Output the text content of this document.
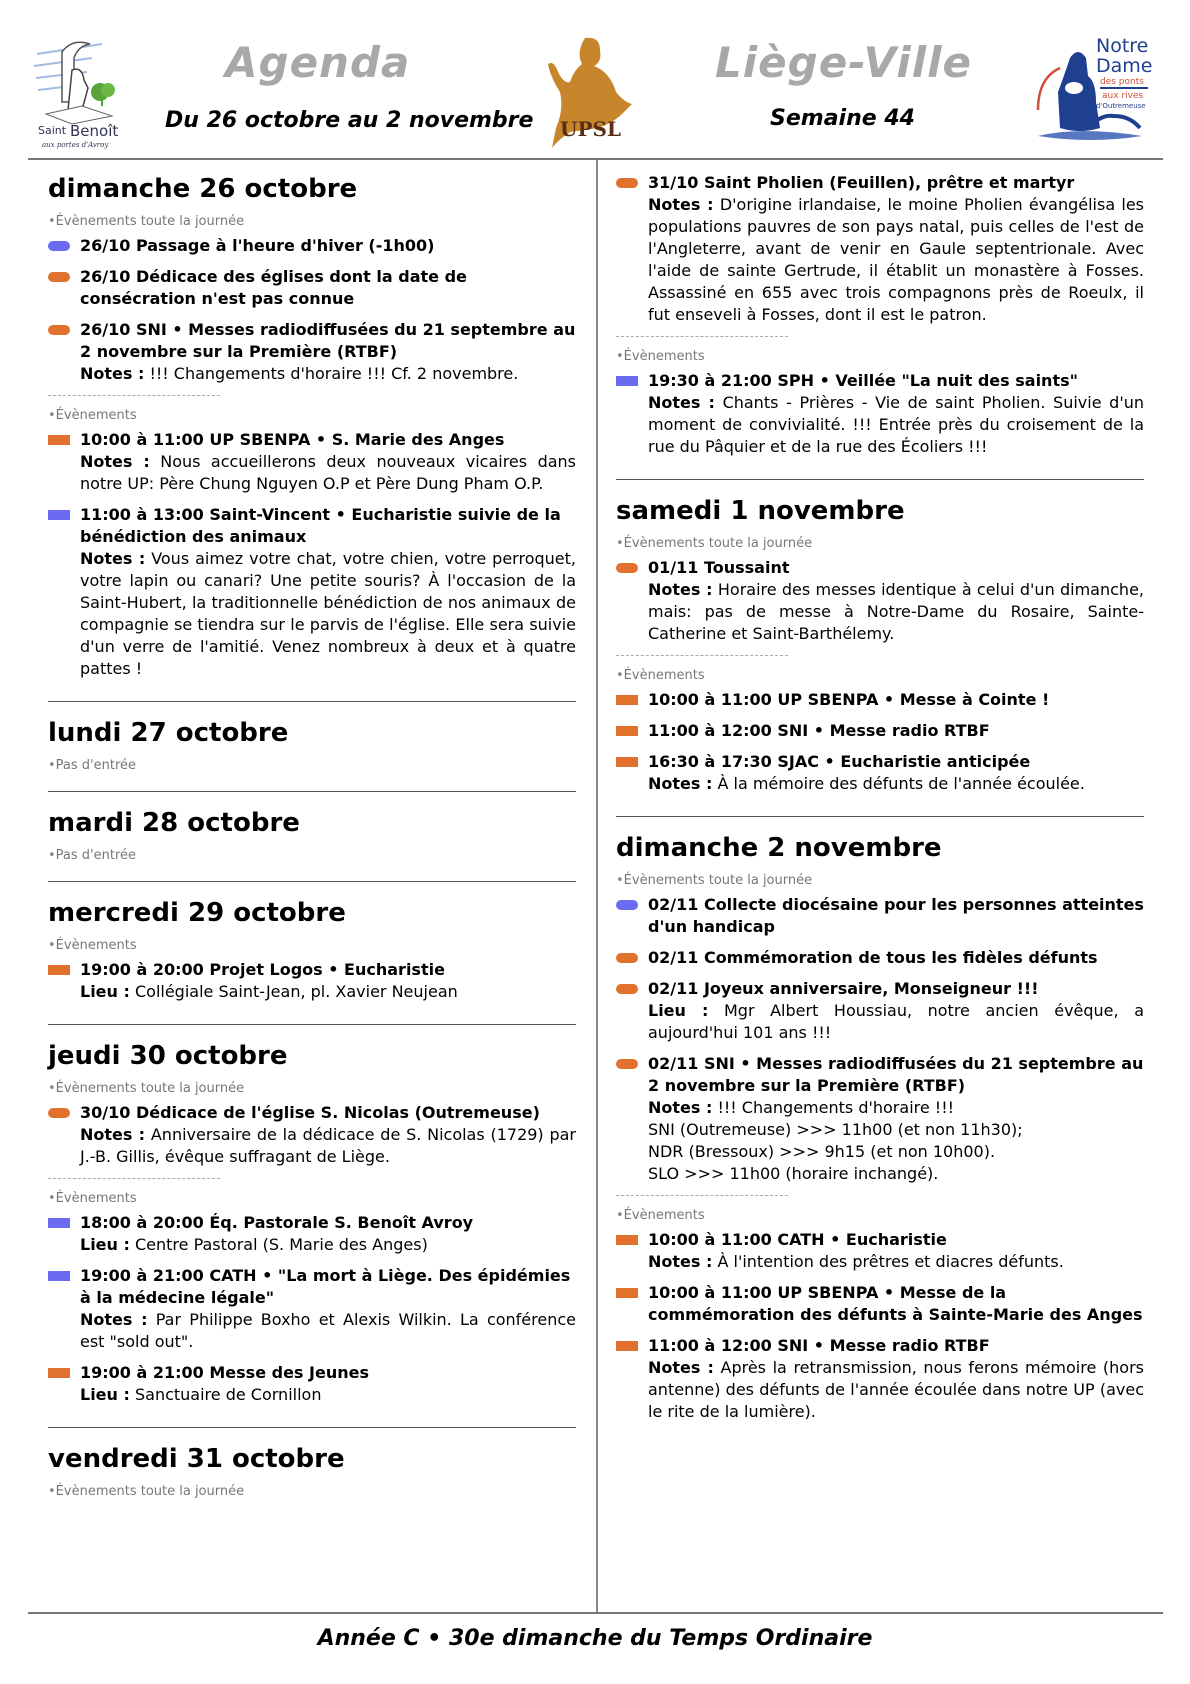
Saint Benoît
aux portes d'Avroy
Agenda
Du 26 octobre au 2 novembre UPSL
Liège-Ville
Semaine 44
Notre
Dame
des ponts
aux rives
d'Outremeuse
dimanche 26 octobre
• Évènements toute la journée
26/10 Passage à l'heure d'hiver (-1h00)
26/10 Dédicace des églises dont la date de consécration n'est pas connue
26/10 SNI • Messes radiodiffusées du 21 septembre au 2 novembre sur la Première (RTBF)
Notes : !!! Changements d'horaire !!! Cf. 2 novembre.
• Évènements
10:00 à 11:00 UP SBENPA • S. Marie des Anges
Notes : Nous accueillerons deux nouveaux vicaires dans notre UP: Père Chung Nguyen O.P et Père Dung Pham O.P.
11:00 à 13:00 Saint-Vincent • Eucharistie suivie de la bénédiction des animaux
Notes : Vous aimez votre chat, votre chien, votre perroquet, votre lapin ou canari? Une petite souris? À l'occasion de la Saint-Hubert, la traditionnelle bénédiction de nos animaux de compagnie se tiendra sur le parvis de l'église. Elle sera suivie d'un verre de l'amitié. Venez nombreux à deux et à quatre pattes !
lundi 27 octobre
• Pas d'entrée
mardi 28 octobre
• Pas d'entrée
mercredi 29 octobre
• Évènements
19:00 à 20:00 Projet Logos • Eucharistie
Lieu : Collégiale Saint-Jean, pl. Xavier Neujean
jeudi 30 octobre
• Évènements toute la journée
30/10 Dédicace de l'église S. Nicolas (Outremeuse)
Notes : Anniversaire de la dédicace de S. Nicolas (1729) par J.-B. Gillis, évêque suffragant de Liège.
• Évènements
18:00 à 20:00 Éq. Pastorale S. Benoît Avroy
Lieu : Centre Pastoral (S. Marie des Anges)
19:00 à 21:00 CATH • "La mort à Liège. Des épidémies à la médecine légale"
Notes : Par Philippe Boxho et Alexis Wilkin. La conférence est "sold out".
19:00 à 21:00 Messe des Jeunes
Lieu : Sanctuaire de Cornillon
vendredi 31 octobre
• Évènements toute la journée
31/10 Saint Pholien (Feuillen), prêtre et martyr
Notes : D'origine irlandaise, le moine Pholien évangélisa les populations pauvres de son pays natal, puis celles de l'est de l'Angleterre, avant de venir en Gaule septentrionale. Avec l'aide de sainte Gertrude, il établit un monastère à Fosses. Assassiné en 655 avec trois compagnons près de Roeulx, il fut enseveli à Fosses, dont il est le patron.
• Évènements
19:30 à 21:00 SPH • Veillée "La nuit des saints"
Notes : Chants - Prières - Vie de saint Pholien. Suivie d'un moment de convivialité. !!! Entrée près du croisement de la rue du Pâquier et de la rue des Écoliers !!!
samedi 1 novembre
• Évènements toute la journée
01/11 Toussaint
Notes : Horaire des messes identique à celui d'un dimanche, mais: pas de messe à Notre-Dame du Rosaire, Sainte-Catherine et Saint-Barthélemy.
• Évènements
10:00 à 11:00 UP SBENPA • Messe à Cointe !
11:00 à 12:00 SNI • Messe radio RTBF
16:30 à 17:30 SJAC • Eucharistie anticipée
Notes : À la mémoire des défunts de l'année écoulée.
dimanche 2 novembre
• Évènements toute la journée
02/11 Collecte diocésaine pour les personnes atteintes d'un handicap
02/11 Commémoration de tous les fidèles défunts
02/11 Joyeux anniversaire, Monseigneur !!!
Lieu : Mgr Albert Houssiau, notre ancien évêque, a aujourd'hui 101 ans !!!
02/11 SNI • Messes radiodiffusées du 21 septembre au 2 novembre sur la Première (RTBF)
Notes : !!! Changements d'horaire !!!
SNI (Outremeuse) >>> 11h00 (et non 11h30);
NDR (Bressoux) >>> 9h15 (et non 10h00).
SLO >>> 11h00 (horaire inchangé).
• Évènements
10:00 à 11:00 CATH • Eucharistie
Notes : À l'intention des prêtres et diacres défunts.
10:00 à 11:00 UP SBENPA • Messe de la commémoration des défunts à Sainte-Marie des Anges
11:00 à 12:00 SNI • Messe radio RTBF
Notes : Après la retransmission, nous ferons mémoire (hors antenne) des défunts de l'année écoulée dans notre UP (avec le rite de la lumière).
Année C • 30e dimanche du Temps Ordinaire
